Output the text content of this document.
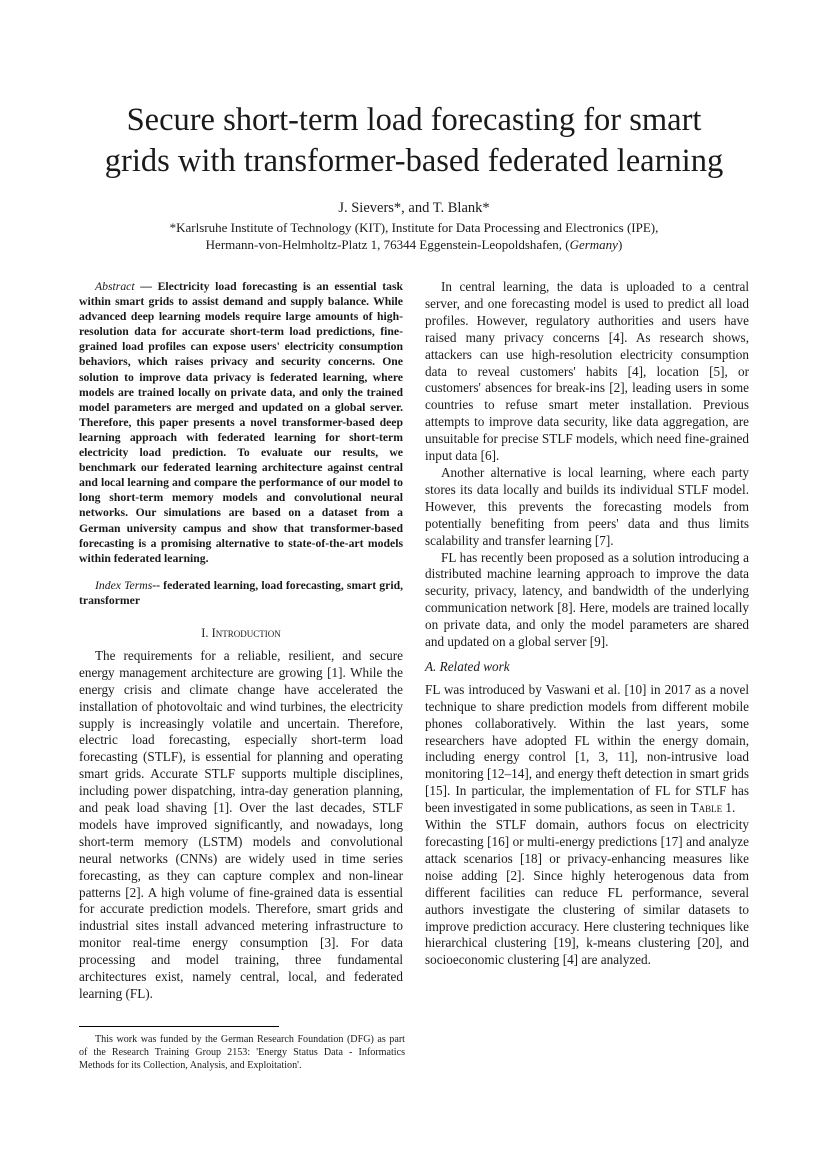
Secure short-term load forecasting for smart
grids with transformer-based federated learning

J. Sievers*, and T. Blank*

*Karlsruhe Institute of Technology (KIT), Institute for Data Processing and Electronics (IPE),
Hermann-von-Helmholtz-Platz 1, 76344 Eggenstein-Leopoldshafen, (Germany)

Abstract — Electricity load forecasting is an essential task within smart grids to assist demand and supply balance. While advanced deep learning models require large amounts of high-resolution data for accurate short-term load predictions, fine-grained load profiles can expose users' electricity consumption behaviors, which raises privacy and security concerns. One solution to improve data privacy is federated learning, where models are trained locally on private data, and only the trained model parameters are merged and updated on a global server. Therefore, this paper presents a novel transformer-based deep learning approach with federated learning for short-term electricity load prediction. To evaluate our results, we benchmark our federated learning architecture against central and local learning and compare the performance of our model to long short-term memory models and convolutional neural networks. Our simulations are based on a dataset from a German university campus and show that transformer-based forecasting is a promising alternative to state-of-the-art models within federated learning.

Index Terms-- federated learning, load forecasting, smart grid, transformer

I. Introduction

The requirements for a reliable, resilient, and secure energy management architecture are growing [1]. While the energy crisis and climate change have accelerated the installation of photovoltaic and wind turbines, the electricity supply is increasingly volatile and uncertain. Therefore, electric load forecasting, especially short-term load forecasting (STLF), is essential for planning and operating smart grids. Accurate STLF supports multiple disciplines, including power dispatching, intra-day generation planning, and peak load shaving [1]. Over the last decades, STLF models have improved significantly, and nowadays, long short-term memory (LSTM) models and convolutional neural networks (CNNs) are widely used in time series forecasting, as they can capture complex and non-linear patterns [2]. A high volume of fine-grained data is essential for accurate prediction models. Therefore, smart grids and industrial sites install advanced metering infrastructure to monitor real-time energy consumption [3]. For data processing and model training, three fundamental architectures exist, namely central, local, and federated learning (FL).

In central learning, the data is uploaded to a central server, and one forecasting model is used to predict all load profiles. However, regulatory authorities and users have raised many privacy concerns [4]. As research shows, attackers can use high-resolution electricity consumption data to reveal customers' habits [4], location [5], or customers' absences for break-ins [2], leading users in some countries to refuse smart meter installation. Previous attempts to improve data security, like data aggregation, are unsuitable for precise STLF models, which need fine-grained input data [6].

Another alternative is local learning, where each party stores its data locally and builds its individual STLF model. However, this prevents the forecasting models from potentially benefiting from peers' data and thus limits scalability and transfer learning [7].

FL has recently been proposed as a solution introducing a distributed machine learning approach to improve the data security, privacy, latency, and bandwidth of the underlying communication network [8]. Here, models are trained locally on private data, and only the model parameters are shared and updated on a global server [9].

A. Related work

FL was introduced by Vaswani et al. [10] in 2017 as a novel technique to share prediction models from different mobile phones collaboratively. Within the last years, some researchers have adopted FL within the energy domain, including energy control [1, 3, 11], non-intrusive load monitoring [12–14], and energy theft detection in smart grids [15]. In particular, the implementation of FL for STLF has been investigated in some publications, as seen in Table 1.

Within the STLF domain, authors focus on electricity forecasting [16] or multi-energy predictions [17] and analyze attack scenarios [18] or privacy-enhancing measures like noise adding [2]. Since highly heterogenous data from different facilities can reduce FL performance, several authors investigate the clustering of similar datasets to improve prediction accuracy. Here clustering techniques like hierarchical clustering [19], k-means clustering [20], and socioeconomic clustering [4] are analyzed.

This work was funded by the German Research Foundation (DFG) as part of the Research Training Group 2153: 'Energy Status Data - Informatics Methods for its Collection, Analysis, and Exploitation'.
